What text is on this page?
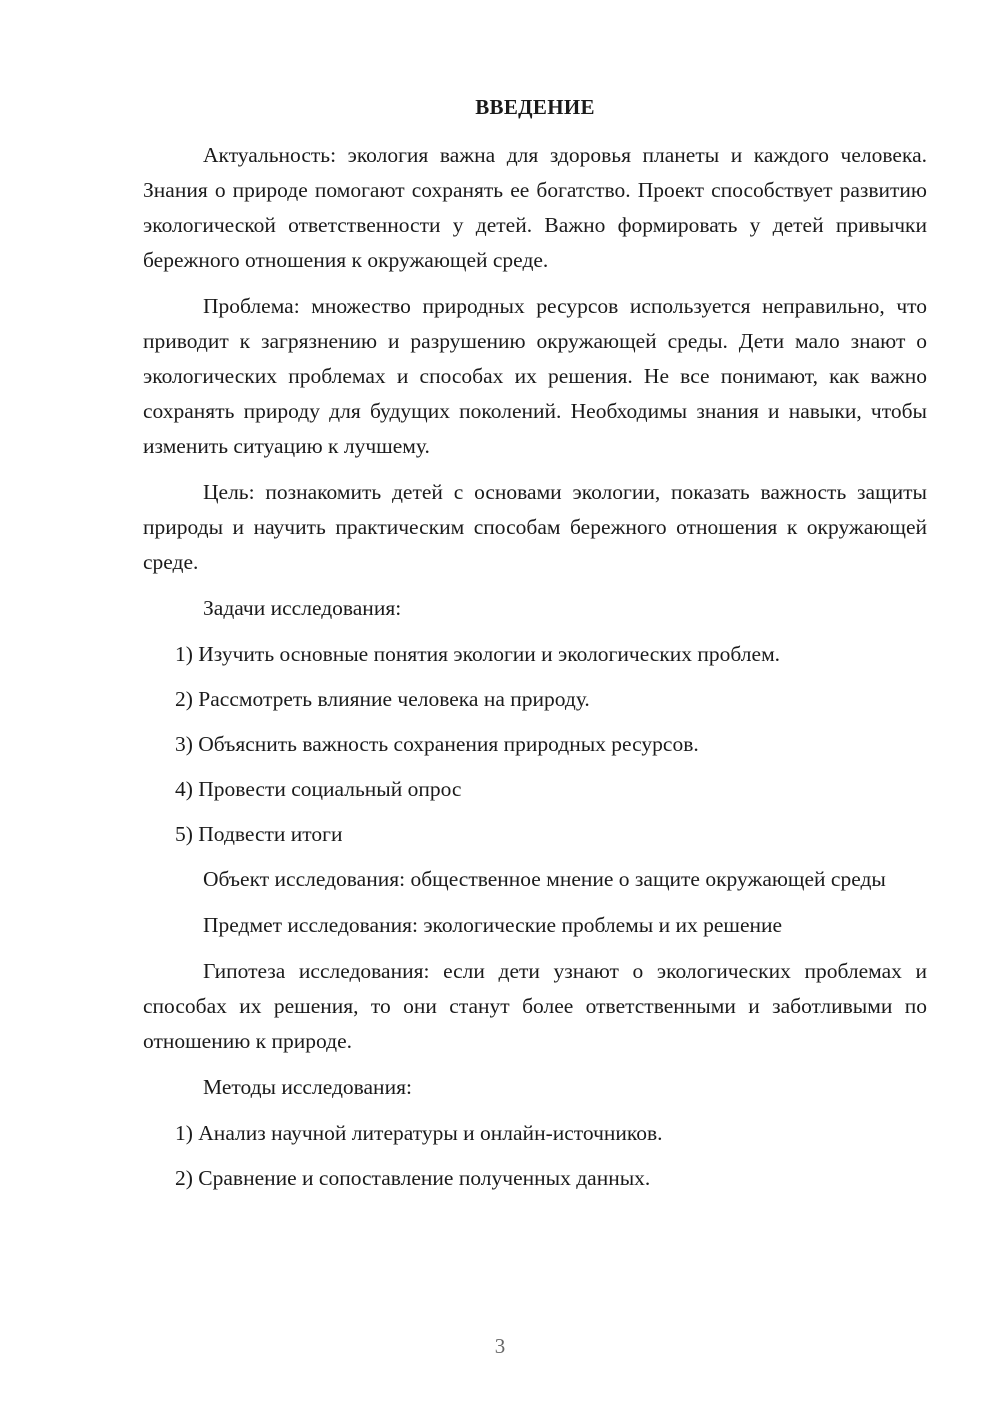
ВВЕДЕНИЕ

Актуальность: экология важна для здоровья планеты и каждого человека. Знания о природе помогают сохранять ее богатство. Проект способствует развитию экологической ответственности у детей. Важно формировать у детей привычки бережного отношения к окружающей среде.

Проблема: множество природных ресурсов используется неправильно, что приводит к загрязнению и разрушению окружающей среды. Дети мало знают о экологических проблемах и способах их решения. Не все понимают, как важно сохранять природу для будущих поколений. Необходимы знания и навыки, чтобы изменить ситуацию к лучшему.

Цель: познакомить детей с основами экологии, показать важность защиты природы и научить практическим способам бережного отношения к окружающей среде.

Задачи исследования:

1) Изучить основные понятия экологии и экологических проблем.
2) Рассмотреть влияние человека на природу.
3) Объяснить важность сохранения природных ресурсов.
4) Провести социальный опрос
5) Подвести итоги

Объект исследования: общественное мнение о защите окружающей среды

Предмет исследования: экологические проблемы и их решение

Гипотеза исследования: если дети узнают о экологических проблемах и способах их решения, то они станут более ответственными и заботливыми по отношению к природе.

Методы исследования:

1) Анализ научной литературы и онлайн-источников.
2) Сравнение и сопоставление полученных данных.
3
